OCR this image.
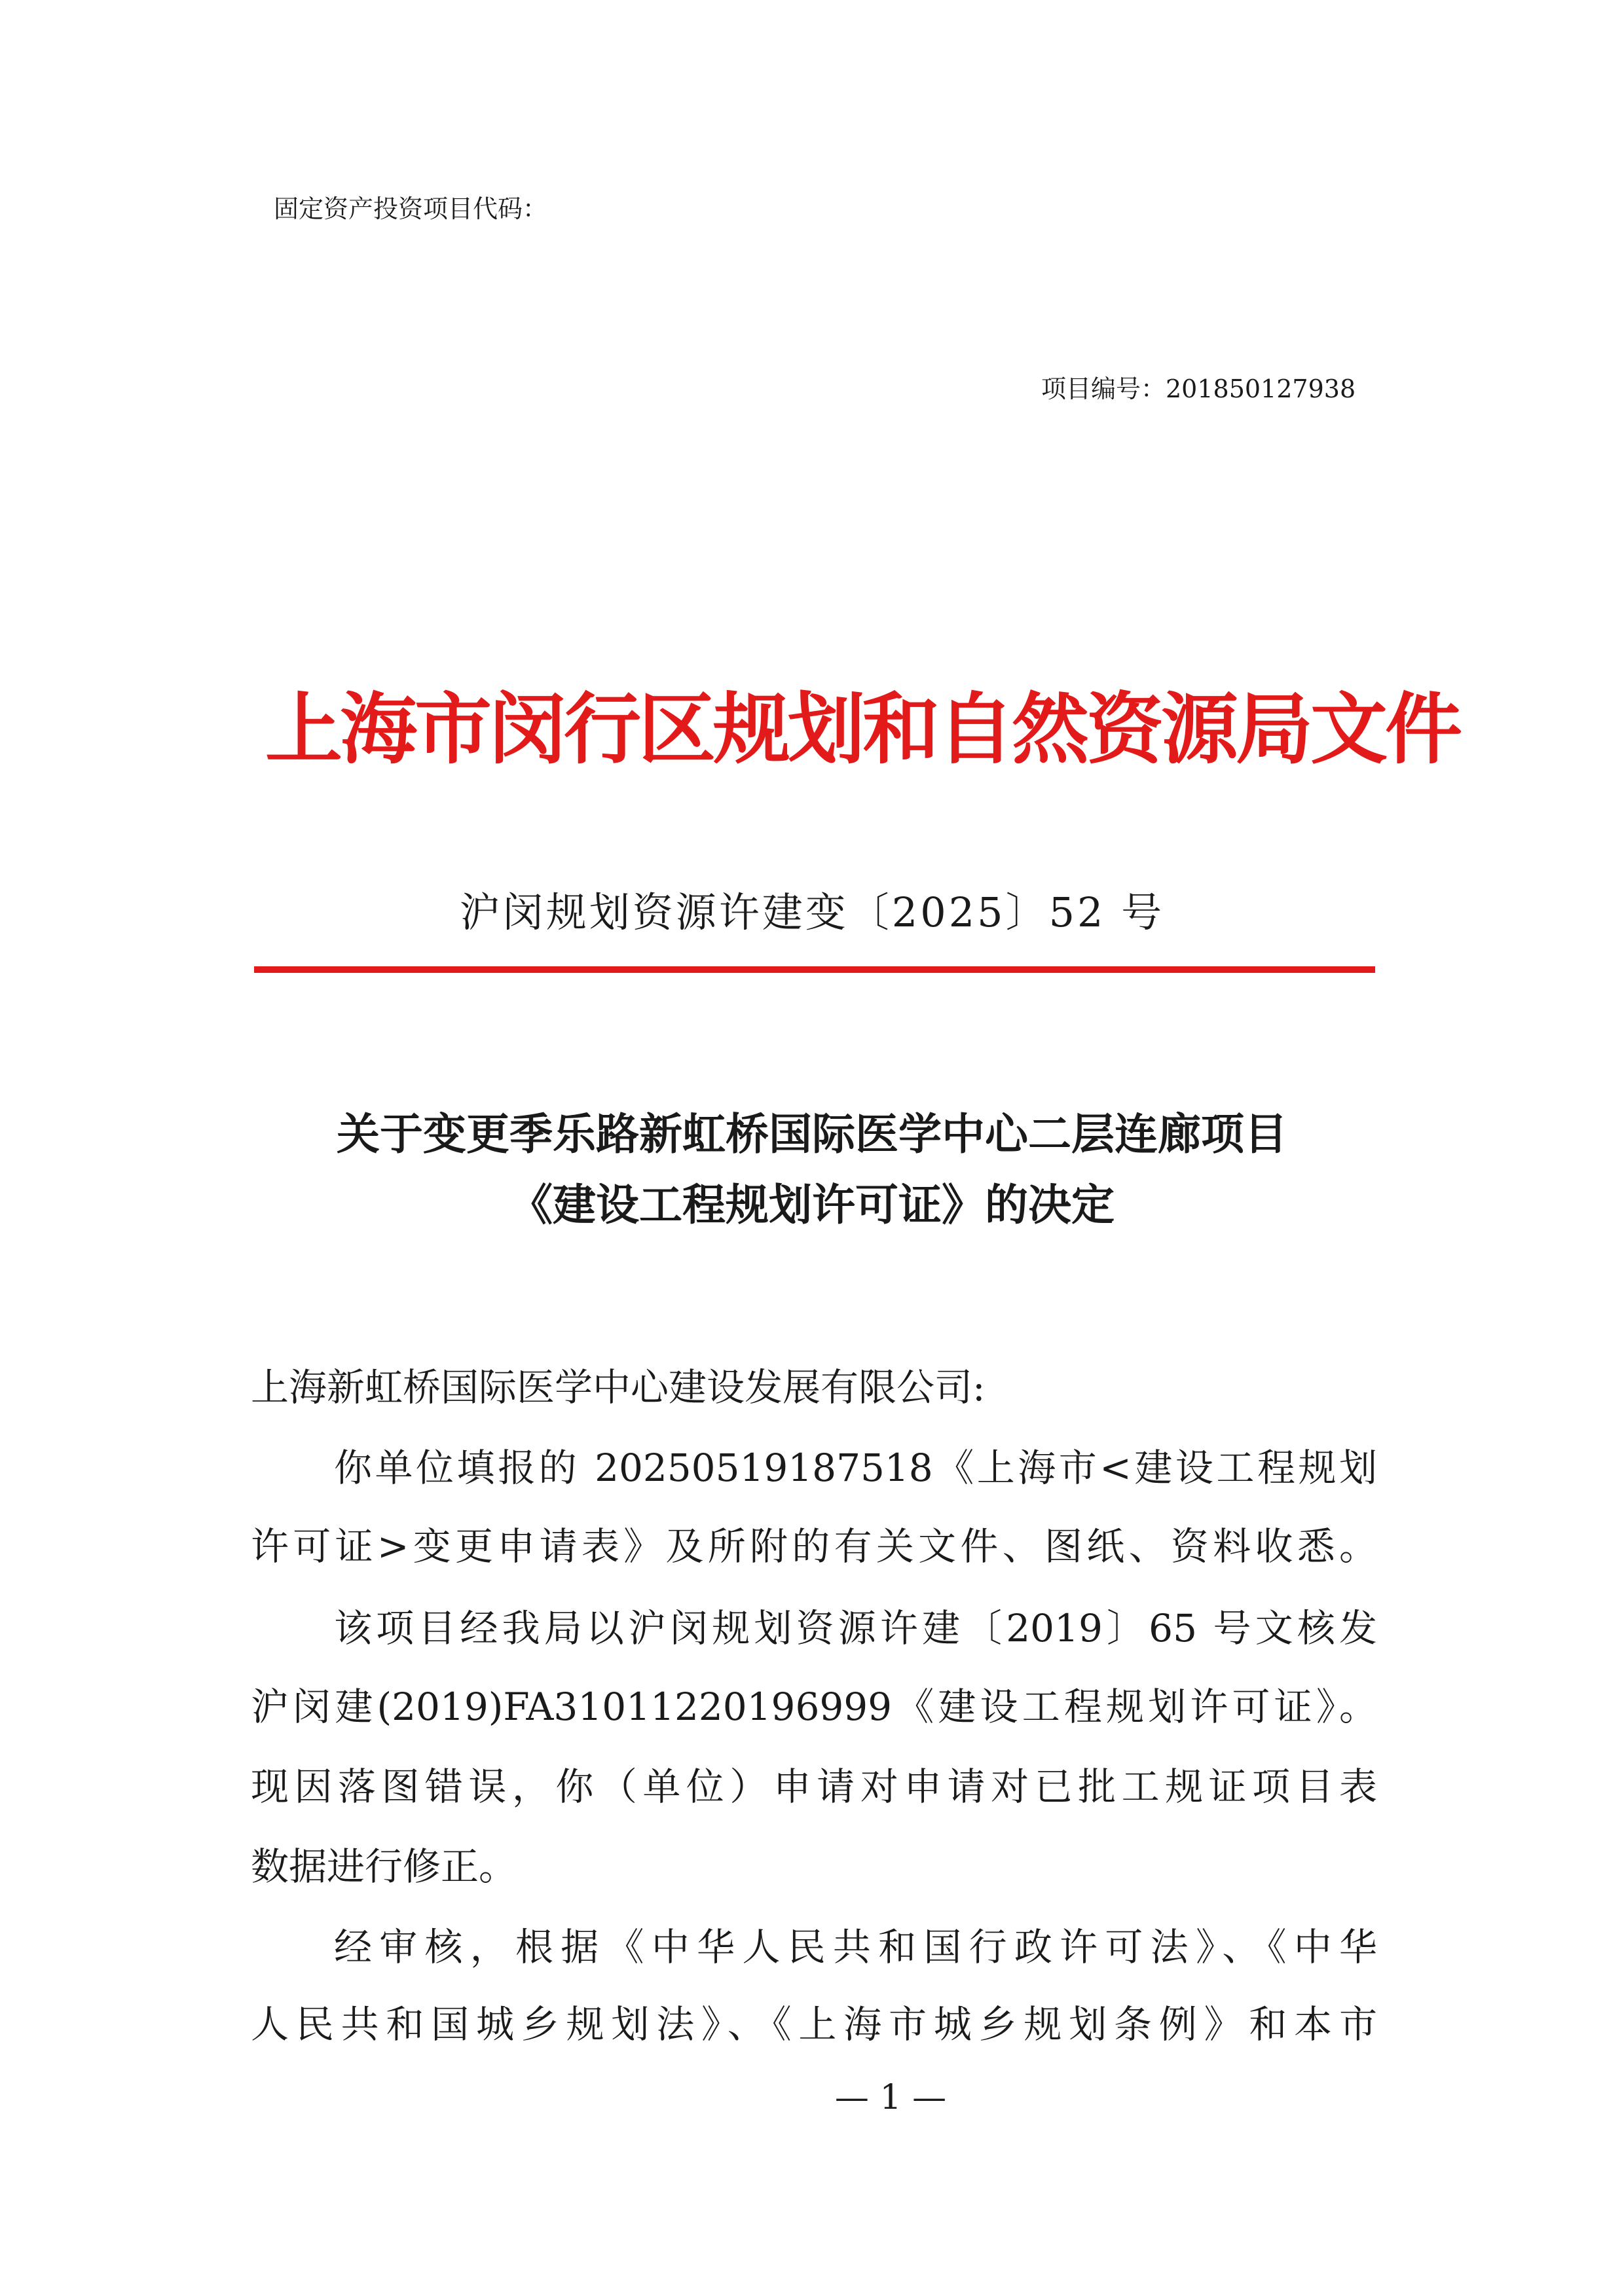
固定资产投资项目代码：
项目编号：201850127938
上海市闵行区规划和自然资源局文件
沪闵规划资源许建变〔2025〕52 号
关于变更季乐路新虹桥国际医学中心二层连廊项目
《建设工程规划许可证》的决定
上海新虹桥国际医学中心建设发展有限公司:
你单位填报的 20250519187518《上海市<建设工程规划
许可证>变更申请表》及所附的有关文件、图纸、资料收悉。
该项目经我局以沪闵规划资源许建〔2019〕65 号文核发
沪闵建(2019)FA31011220196999《建设工程规划许可证》。
现因落图错误，你（单位）申请对申请对已批工规证项目表
数据进行修正。
经审核，根据《中华人民共和国行政许可法》、《中华
人民共和国城乡规划法》、《上海市城乡规划条例》和本市
— 1 —
